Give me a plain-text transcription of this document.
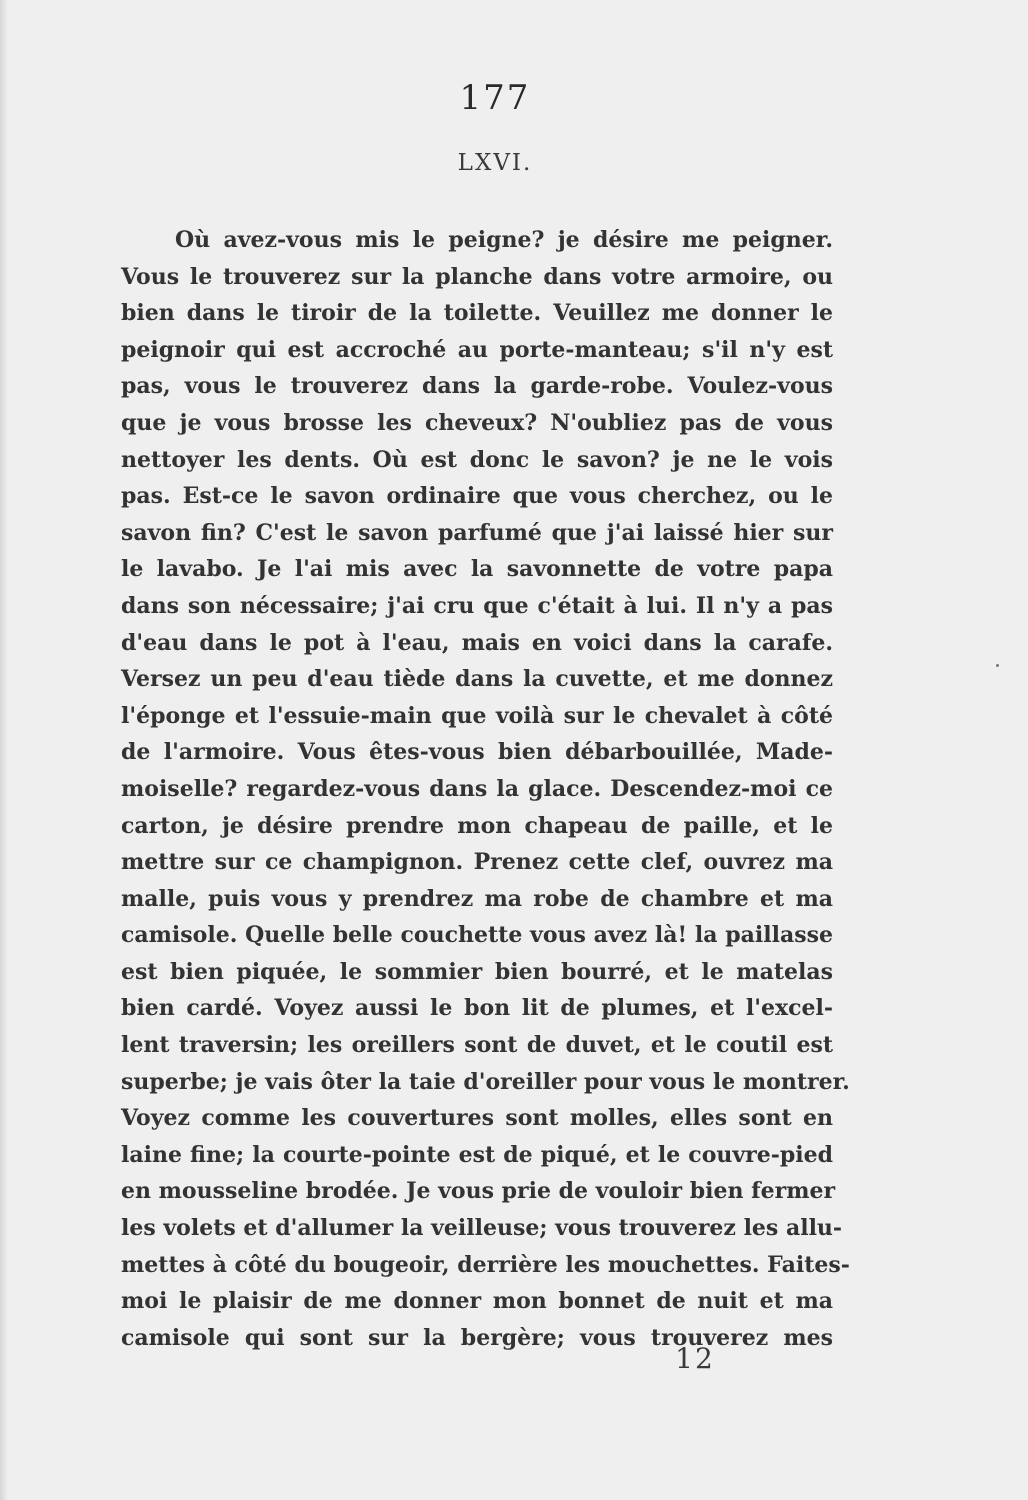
177
LXVI.
Où avez-vous mis le peigne? je désire me peigner.
Vous le trouverez sur la planche dans votre armoire, ou
bien dans le tiroir de la toilette. Veuillez me donner le
peignoir qui est accroché au porte-manteau; s'il n'y est
pas, vous le trouverez dans la garde-robe. Voulez-vous
que je vous brosse les cheveux? N'oubliez pas de vous
nettoyer les dents. Où est donc le savon? je ne le vois
pas. Est-ce le savon ordinaire que vous cherchez, ou le
savon fin? C'est le savon parfumé que j'ai laissé hier sur
le lavabo. Je l'ai mis avec la savonnette de votre papa
dans son nécessaire; j'ai cru que c'était à lui. Il n'y a pas
d'eau dans le pot à l'eau, mais en voici dans la carafe.
Versez un peu d'eau tiède dans la cuvette, et me donnez
l'éponge et l'essuie-main que voilà sur le chevalet à côté
de l'armoire. Vous êtes-vous bien débarbouillée, Made-
moiselle? regardez-vous dans la glace. Descendez-moi ce
carton, je désire prendre mon chapeau de paille, et le
mettre sur ce champignon. Prenez cette clef, ouvrez ma
malle, puis vous y prendrez ma robe de chambre et ma
camisole. Quelle belle couchette vous avez là! la paillasse
est bien piquée, le sommier bien bourré, et le matelas
bien cardé. Voyez aussi le bon lit de plumes, et l'excel-
lent traversin; les oreillers sont de duvet, et le coutil est
superbe; je vais ôter la taie d'oreiller pour vous le montrer.
Voyez comme les couvertures sont molles, elles sont en
laine fine; la courte-pointe est de piqué, et le couvre-pied
en mousseline brodée. Je vous prie de vouloir bien fermer
les volets et d'allumer la veilleuse; vous trouverez les allu-
mettes à côté du bougeoir, derrière les mouchettes. Faites-
moi le plaisir de me donner mon bonnet de nuit et ma
camisole qui sont sur la bergère; vous trouverez mes
12
